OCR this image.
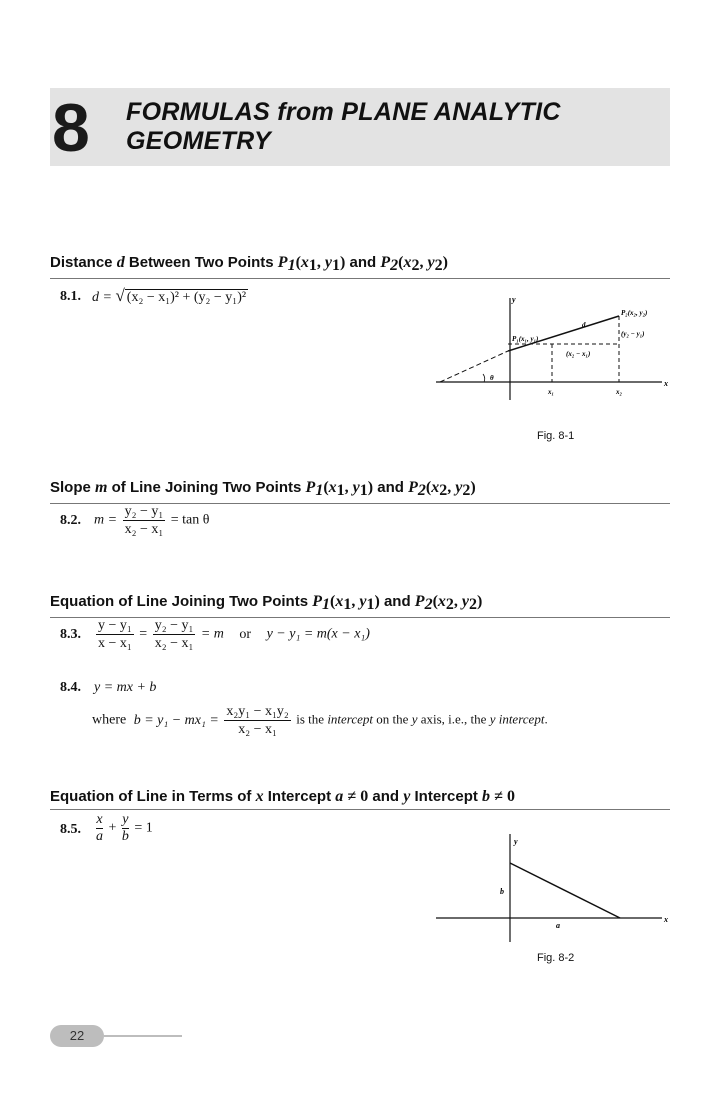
8 FORMULAS from PLANE ANALYTIC
GEOMETRY
Distance d Between Two Points $P_1(x_1$, $y_1$) and $P_2(x_2$, $y_2$)
8.1. d = √ (x₂ − x₁)² + (y₂ − y₁)²	y
x
P₁(x₁, y₁)
P₂(x₂, y₂)
d
(y₂ − y₁)
(x₂ − x₁)
θ
x₁	x₂
Fig. 8-1
Slope m of Line Joining Two Points $P_1(x_1$, $y_1$) and $P_2(x_2$, $y_2$)
8.2. $m = \frac{\text{y₂ − y₁}}{\text{x₂ − x₁}} = \tan \theta$
Equation of Line Joining Two Points $P_1(x_1$, $y_1$) and $P_2(x_2$, $y_2$)
8.3. $\frac{\text{y − y₁}}{\text{x − x₁}} = \frac{\text{y₂ − y₁}}{\text{x₂ − x₁}} = m$ or y − y₁ = m(x − x₁)
8.4. y = mx + b
where $b = y_1 - mx_1 = \frac{\text{x₂y₁ − x₁y₂}}{\text{x₂ − x₁}}$ is the intercept on the y axis, i.e., the y intercept.
Equation of Line in Terms of x Intercept a ≠ 0 and y Intercept b ≠ 0
8.5. $\frac{x}{a} + \frac{y}{b} = 1$
y
x
b
a
Fig. 8-2
22
